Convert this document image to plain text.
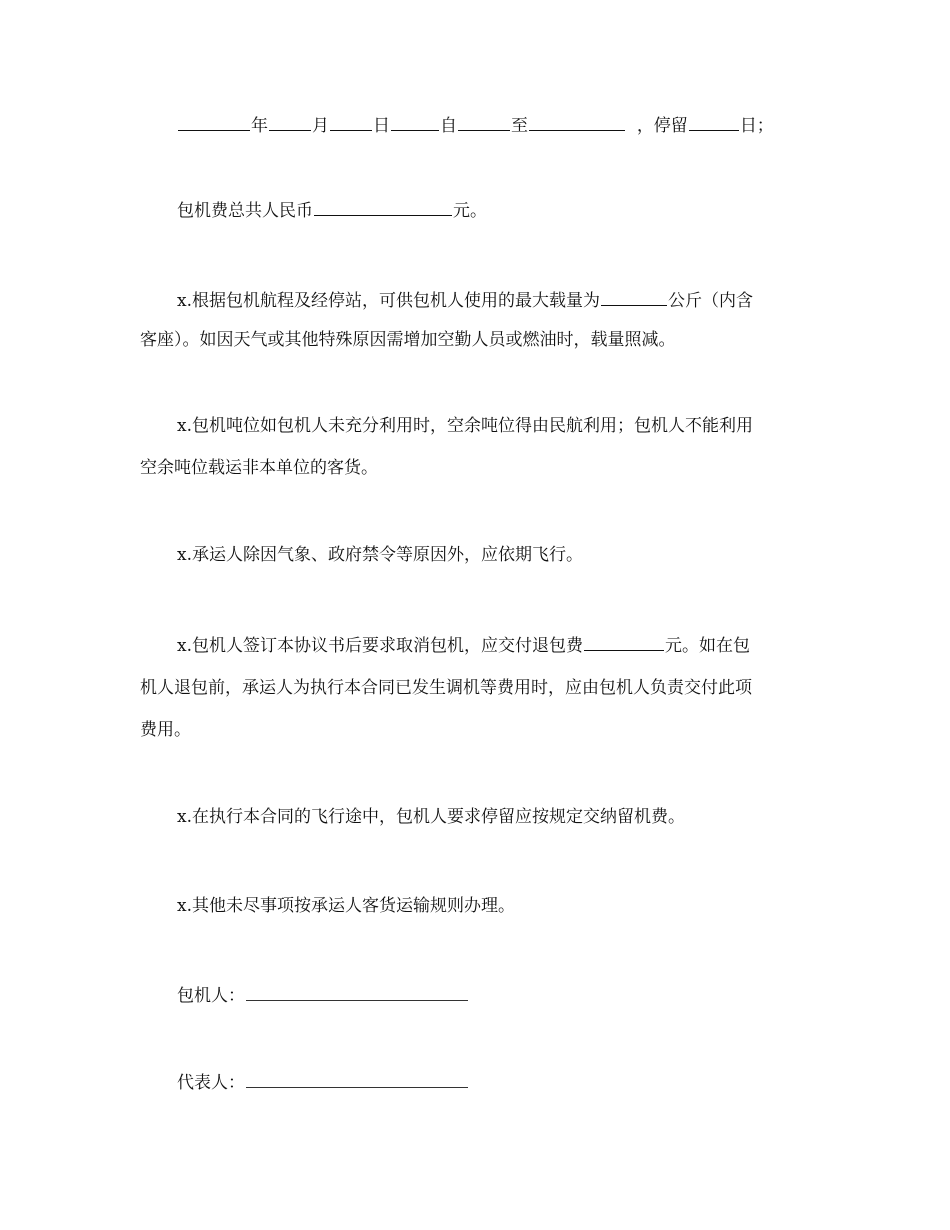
年	月	日	自	至	，停留	日；
包机费总共人民币	元。
x.根据包机航程及经停站，可供包机人使用的最大载量为	公斤（内含
客座）。如因天气或其他特殊原因需增加空勤人员或燃油时，载量照减。
x.包机吨位如包机人未充分利用时，空余吨位得由民航利用；包机人不能利用
空余吨位载运非本单位的客货。
x.承运人除因气象、政府禁令等原因外，应依期飞行。
x.包机人签订本协议书后要求取消包机，应交付退包费	元。如在包
机人退包前，承运人为执行本合同已发生调机等费用时，应由包机人负责交付此项
费用。
x.在执行本合同的飞行途中，包机人要求停留应按规定交纳留机费。
x.其他未尽事项按承运人客货运输规则办理。
包机人：
代表人：
